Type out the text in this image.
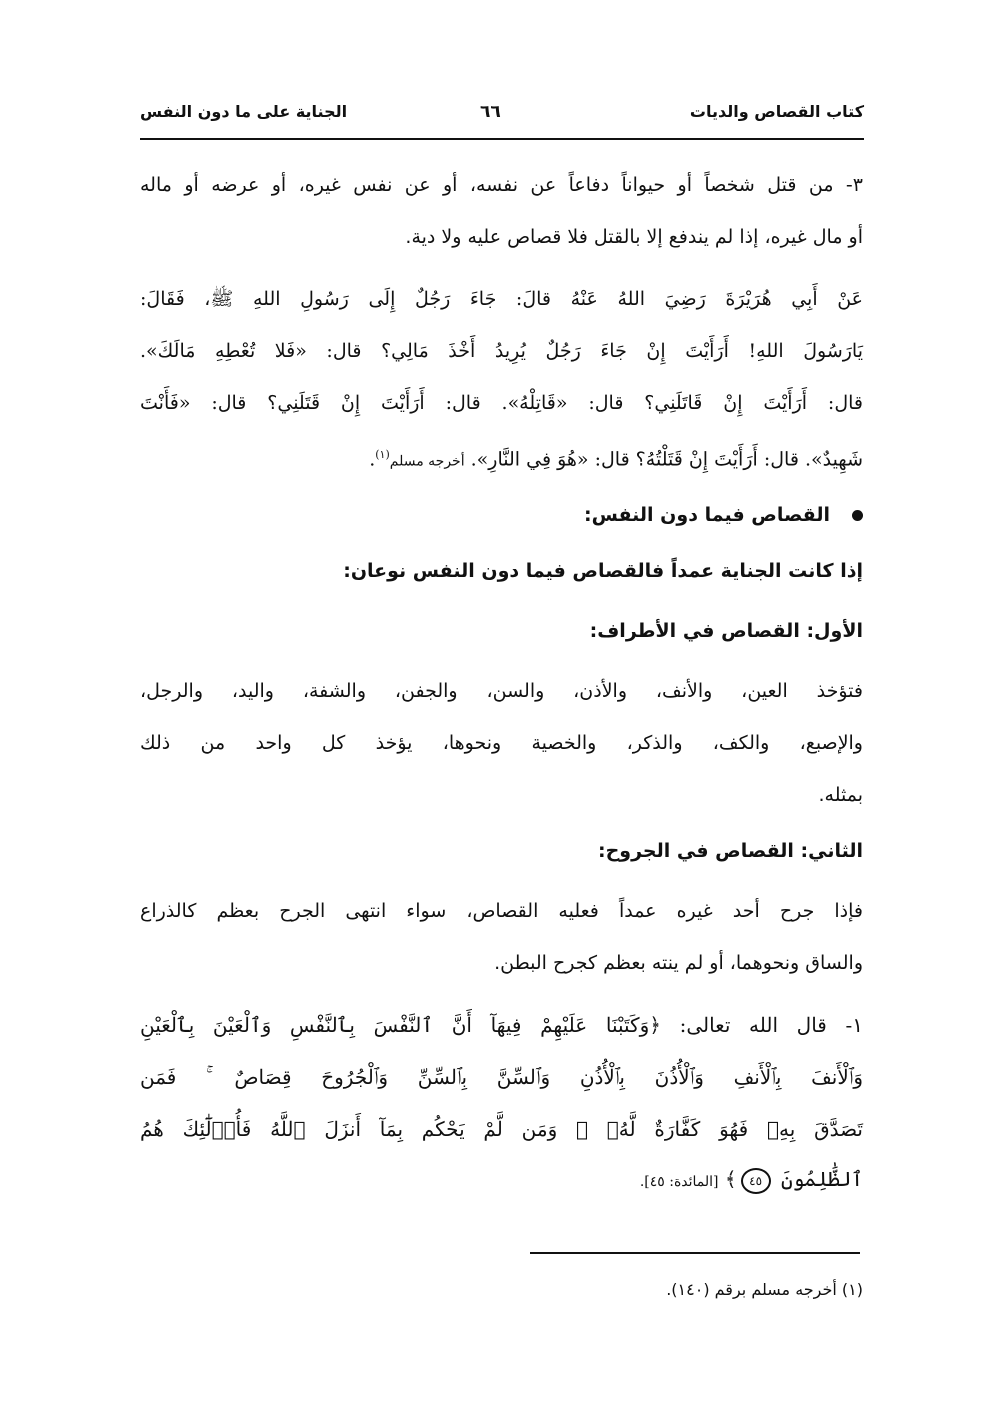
كتاب القصاص والديات
٦٦
الجناية على ما دون النفس
٣- من قتل شخصاً أو حيواناً دفاعاً عن نفسه، أو عن نفس غيره، أو عرضه أو ماله
أو مال غيره، إذا لم يندفع إلا بالقتل فلا قصاص عليه ولا دية.
عَنْ أَبِي هُرَيْرَةَ رَضِيَ اللهُ عَنْهُ قالَ: جَاءَ رَجُلٌ إِلَى رَسُولِ اللهِ ﷺ، فَقَالَ:
يَارَسُولَ اللهِ! أَرَأَيْتَ إِنْ جَاءَ رَجُلٌ يُرِيدُ أَخْذَ مَالِي؟ قال: «فَلا تُعْطِهِ مَالَكَ».
قال: أَرَأَيْتَ إِنْ قَاتَلَنِي؟ قال: «قَاتِلْهُ». قال: أَرَأَيْتَ إِنْ قَتَلَنِي؟ قال: «فَأَنْتَ
شَهِيدٌ». قال: أَرَأَيْتَ إِنْ قَتَلْتُهُ؟ قال: «هُوَ فِي النَّارِ». أخرجه مسلم$^{(١)}$.
القصاص فيما دون النفس:
إذا كانت الجناية عمداً فالقصاص فيما دون النفس نوعان:
الأول: القصاص في الأطراف:
فتؤخذ العين، والأنف، والأذن، والسن، والجفن، والشفة، واليد، والرجل،
والإصبع، والكف، والذكر، والخصية ونحوها، يؤخذ كل واحد من ذلك
بمثله.
الثاني: القصاص في الجروح:
فإذا جرح أحد غيره عمداً فعليه القصاص، سواء انتهى الجرح بعظم كالذراع
والساق ونحوهما، أو لم ينته بعظم كجرح البطن.
١- قال الله تعالى: ﴿وَكَتَبْنَا عَلَيْهِمْ فِيهَآ أَنَّ ٱلنَّفْسَ بِٱلنَّفْسِ وَٱلْعَيْنَ بِٱلْعَيْنِ
وَٱلْأَنفَ بِٱلْأَنفِ وَٱلْأُذُنَ بِٱلْأُذُنِ وَٱلسِّنَّ بِٱلسِّنِّ وَٱلْجُرُوحَ قِصَاصٌ ۚ فَمَن
تَصَدَّقَ بِهِۦ فَهُوَ كَفَّارَةٌ لَّهُۥ ۚ وَمَن لَّمْ يَحْكُم بِمَآ أَنزَلَ ٱللَّهُ فَأُو۟لَٰٓئِكَ هُمُ
ٱلظَّٰلِمُونَ ٤٥﴾ [المائدة: ٤٥].
(١) أخرجه مسلم برقم (١٤٠).
